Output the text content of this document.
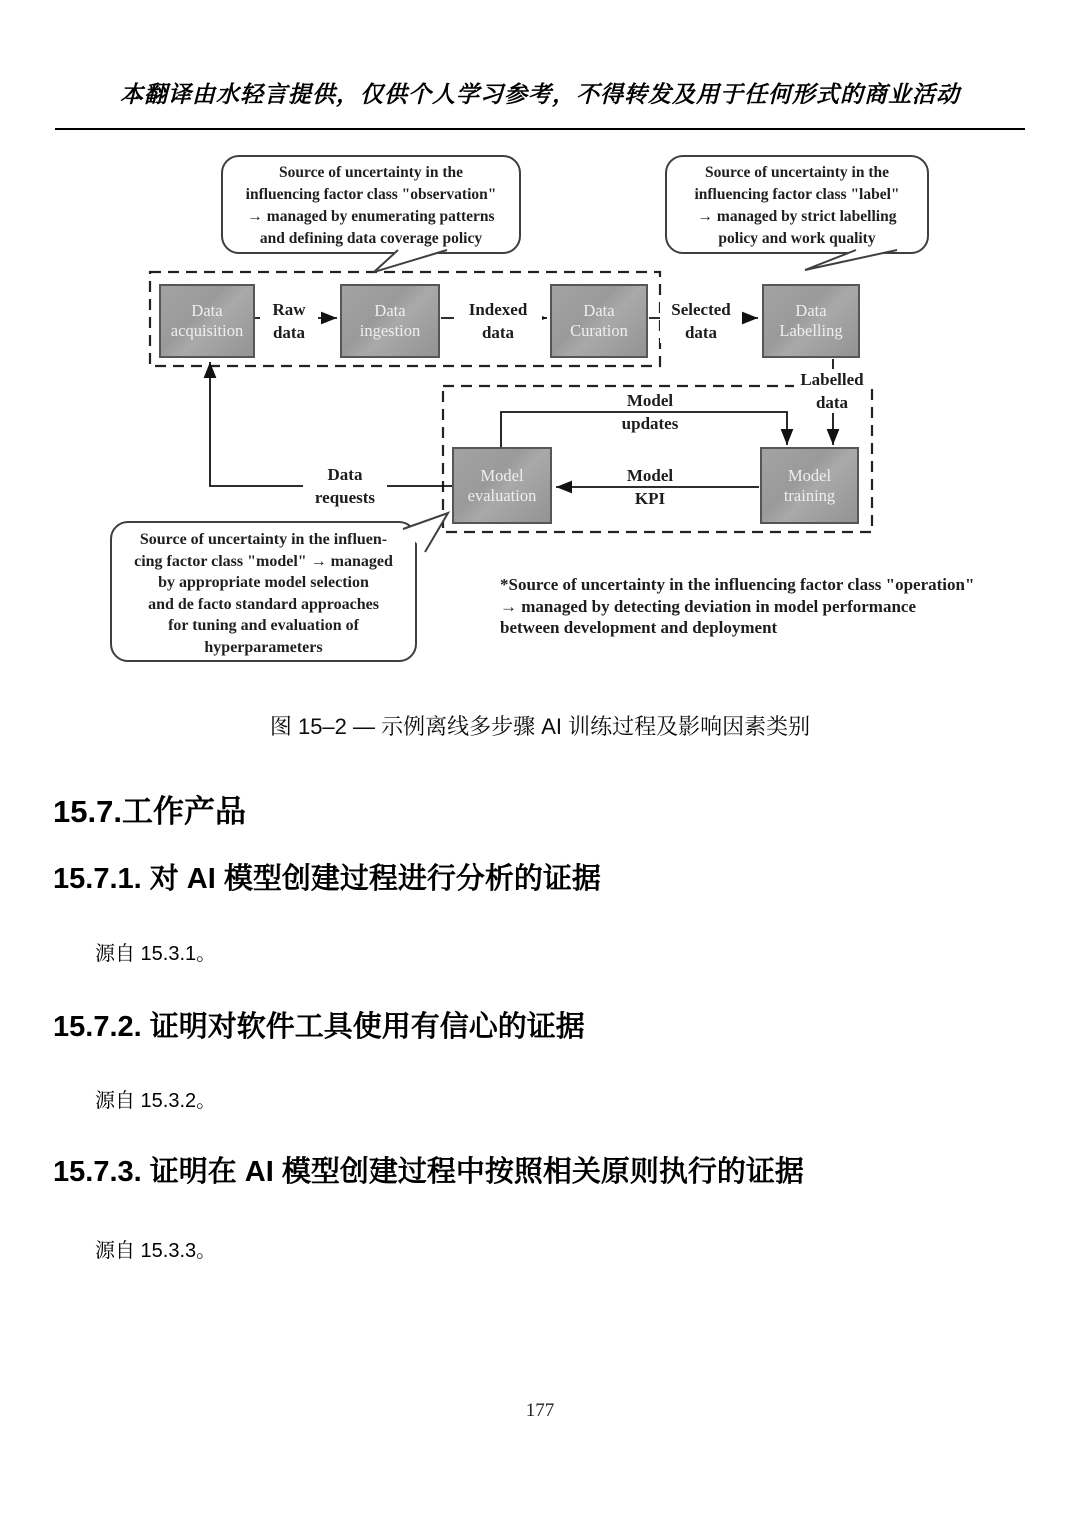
本翻译由水轻言提供，仅供个人学习参考，不得转发及用于任何形式的商业活动
Source of uncertainty in the
influencing factor class "observation"
→ managed by enumerating patterns
and defining data coverage policy
Source of uncertainty in the
influencing factor class "label"
→ managed by strict labelling
policy and work quality
Source of uncertainty in the influen-
cing factor class "model" → managed
by appropriate model selection
and de facto standard approaches
for tuning and evaluation of
hyperparameters
Data
acquisition
Data
ingestion
Data
Curation
Data
Labelling
Model
evaluation
Model
training
Raw
data
Indexed
data
Selected
data
Labelled
data
Model
updates
Model
KPI
Data
requests
*Source of uncertainty in the influencing factor class "operation"
→ managed by detecting deviation in model performance
between development and deployment
图 15–2 — 示例离线多步骤 AI 训练过程及影响因素类别
15.7.工作产品
15.7.1. 对 AI 模型创建过程进行分析的证据

源自 15.3.1。

15.7.2. 证明对软件工具使用有信心的证据

源自 15.3.2。

15.7.3. 证明在 AI 模型创建过程中按照相关原则执行的证据

源自 15.3.3。

177
